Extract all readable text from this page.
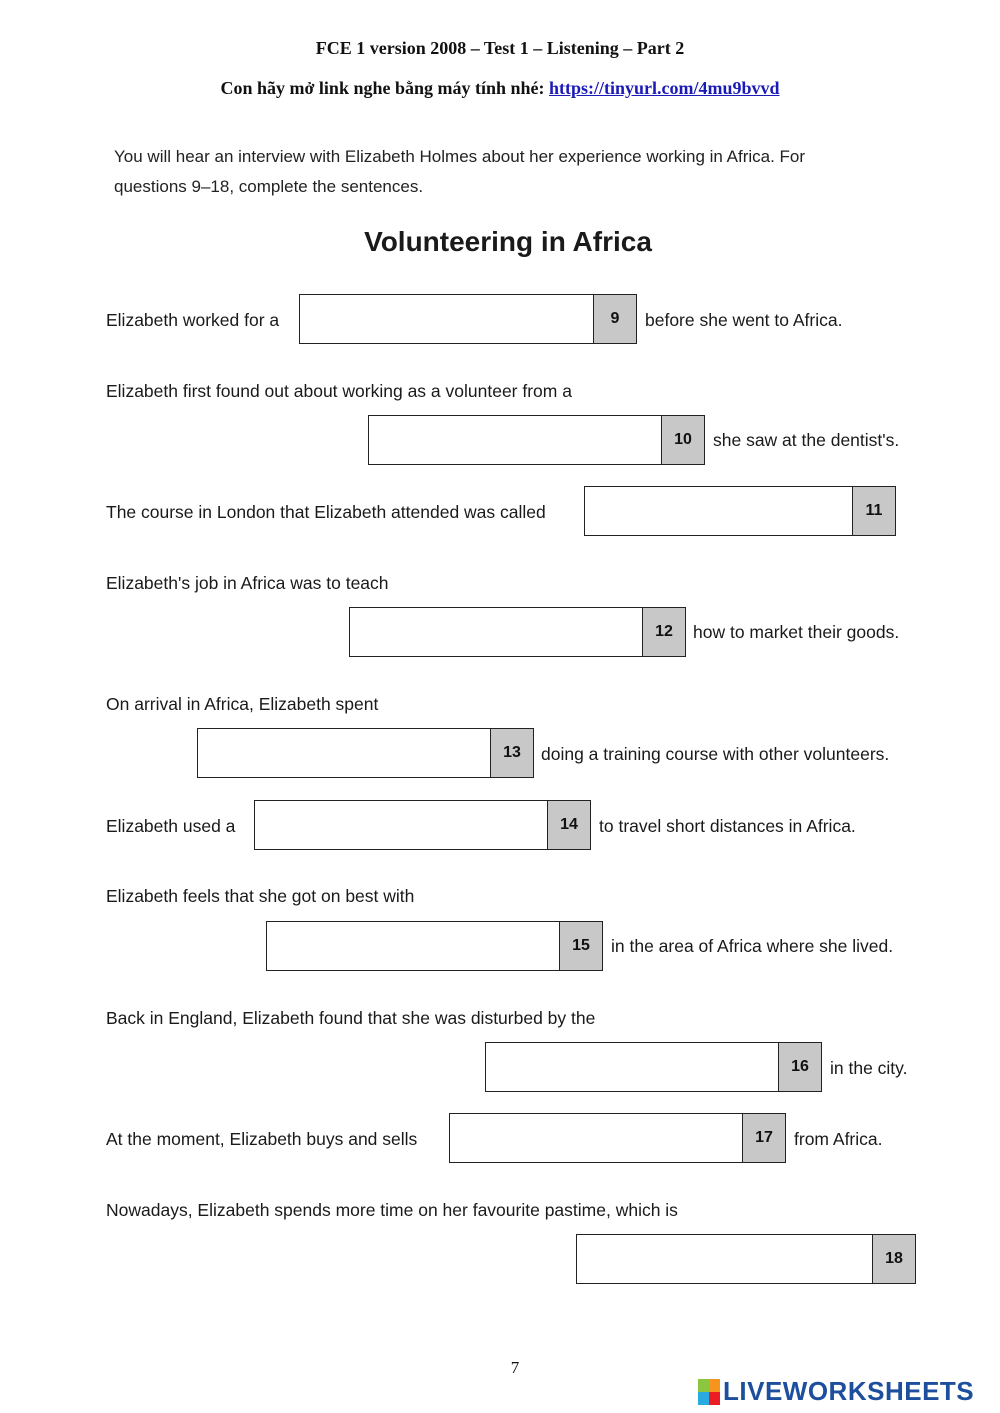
FCE 1 version 2008 – Test 1 – Listening – Part 2
Con hãy mở link nghe bằng máy tính nhé: https://tinyurl.com/4mu9bvvd
You will hear an interview with Elizabeth Holmes about her experience working in Africa. For
questions 9–18, complete the sentences.
Volunteering in Africa
Elizabeth worked for a	9	before she went to Africa.
Elizabeth first found out about working as a volunteer from a
10	she saw at the dentist's.
The course in London that Elizabeth attended was called	11
Elizabeth's job in Africa was to teach
12	how to market their goods.
On arrival in Africa, Elizabeth spent
13	doing a training course with other volunteers.
Elizabeth used a	14	to travel short distances in Africa.
Elizabeth feels that she got on best with
15	in the area of Africa where she lived.
Back in England, Elizabeth found that she was disturbed by the
16	in the city.
At the moment, Elizabeth buys and sells	17	from Africa.
Nowadays, Elizabeth spends more time on her favourite pastime, which is
18
7
LIVEWORKSHEETS
